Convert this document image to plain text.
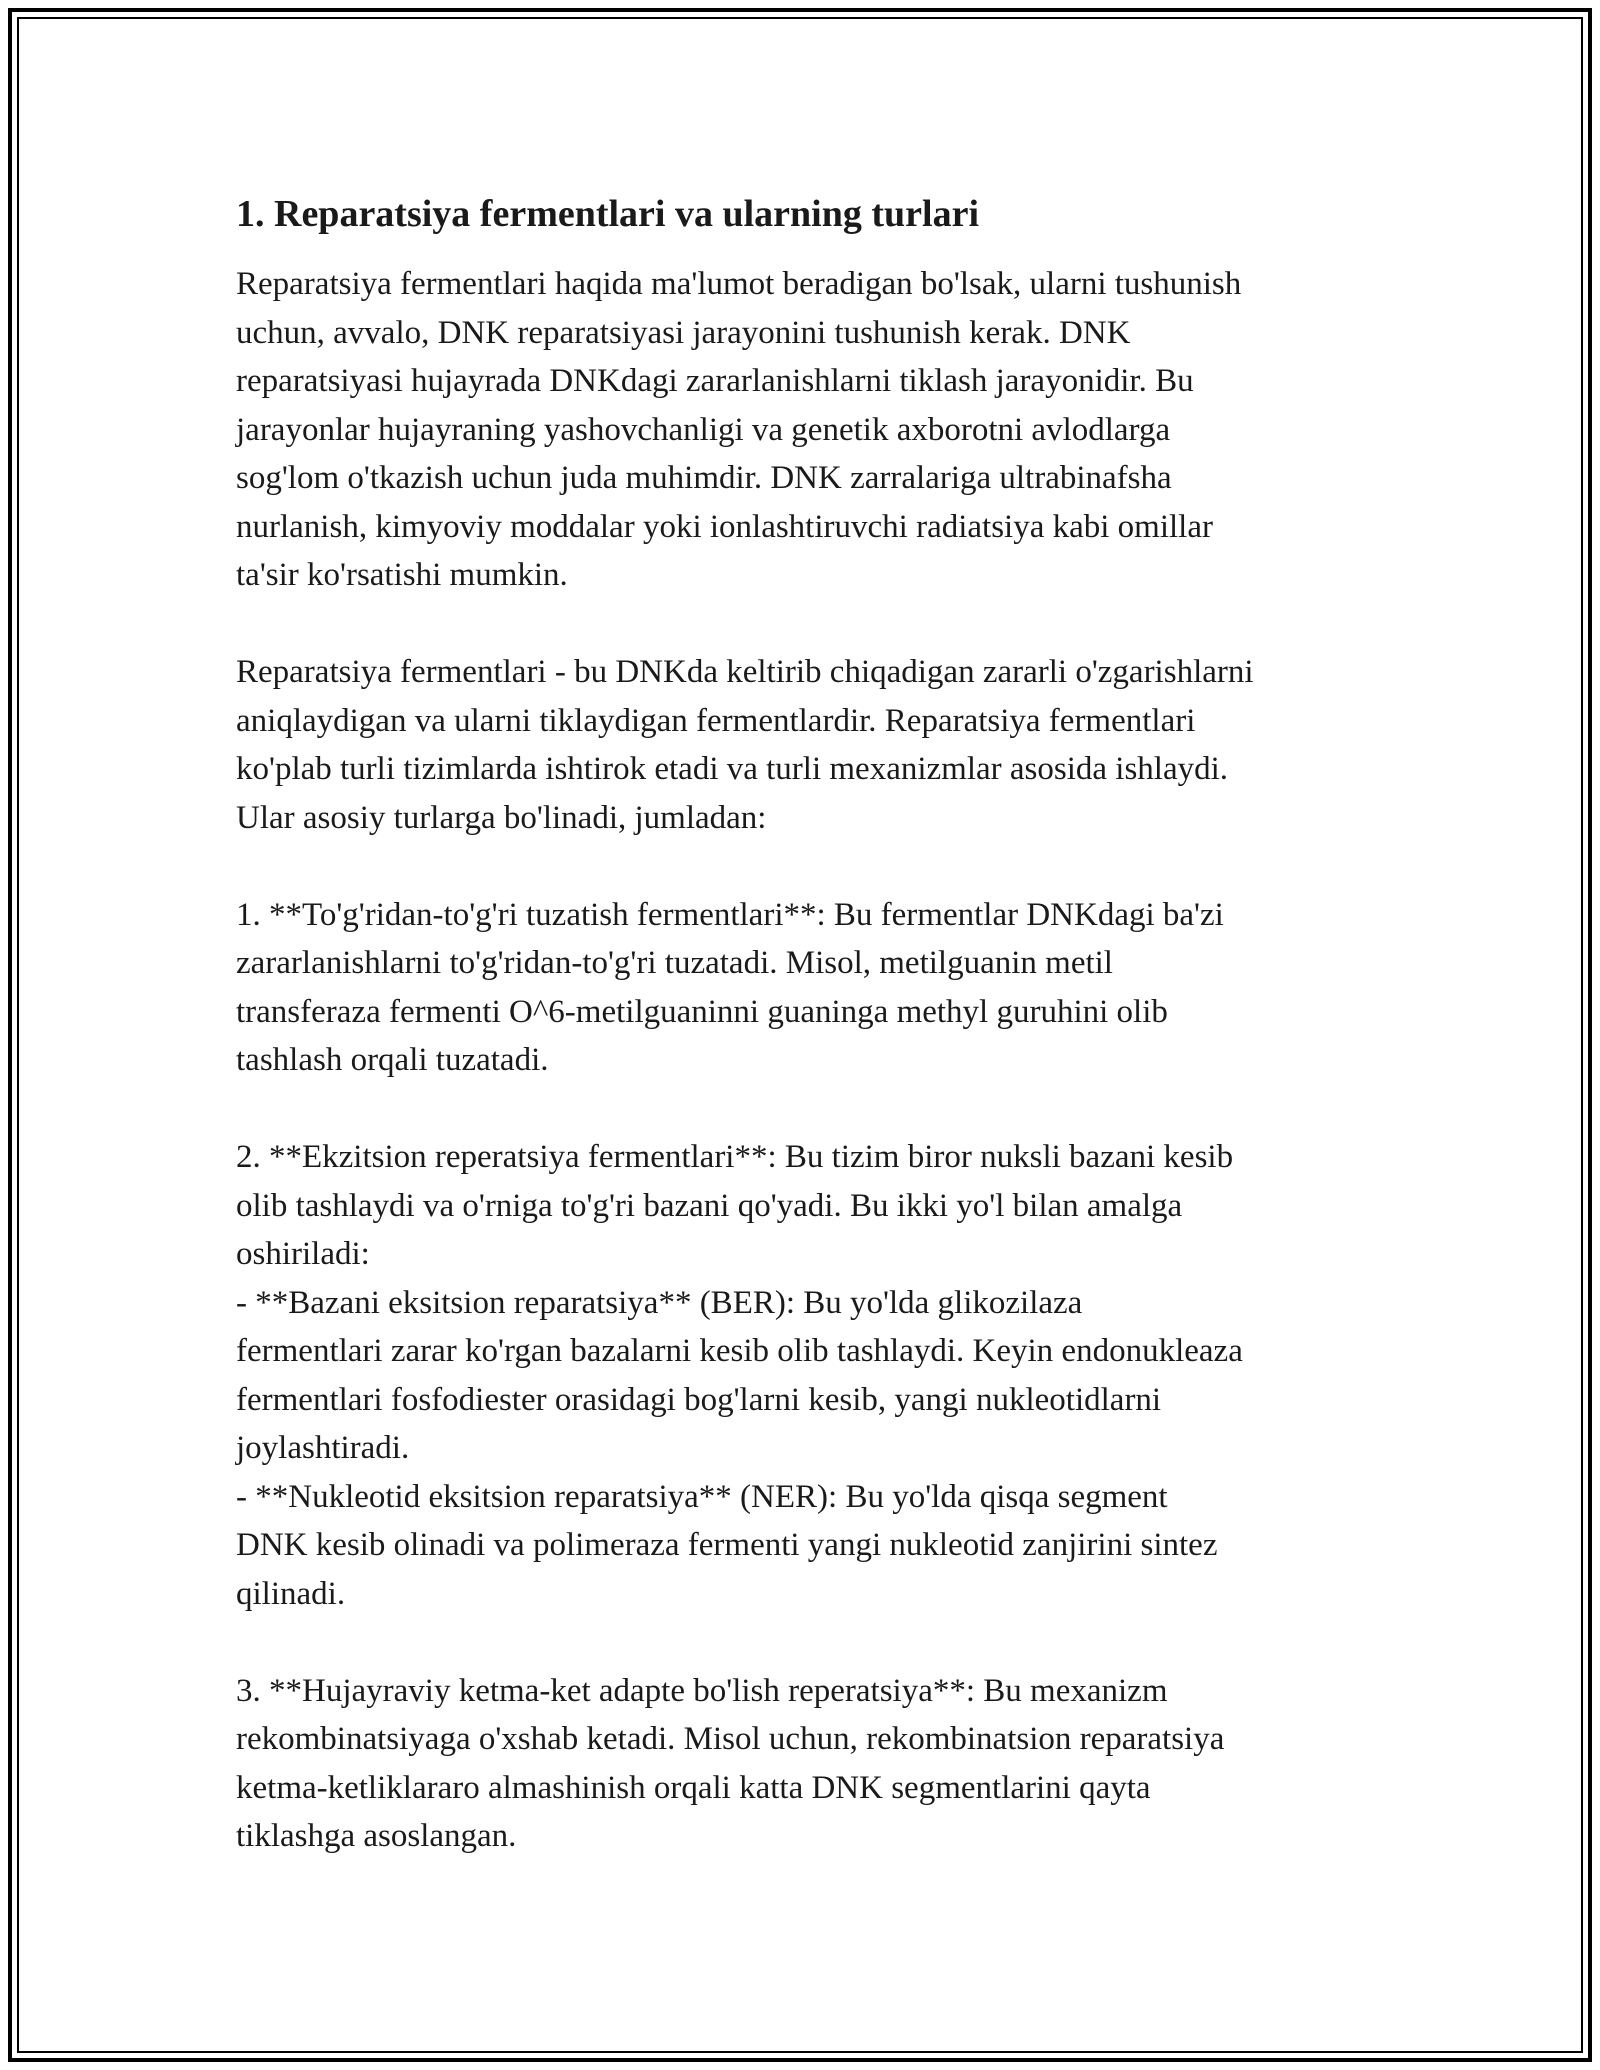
1. Reparatsiya fermentlari va ularning turlari

Reparatsiya fermentlari haqida ma'lumot beradigan bo'lsak, ularni tushunish
uchun, avvalo, DNK reparatsiyasi jarayonini tushunish kerak. DNK
reparatsiyasi hujayrada DNKdagi zararlanishlarni tiklash jarayonidir. Bu
jarayonlar hujayraning yashovchanligi va genetik axborotni avlodlarga
sog'lom o'tkazish uchun juda muhimdir. DNK zarralariga ultrabinafsha
nurlanish, kimyoviy moddalar yoki ionlashtiruvchi radiatsiya kabi omillar
ta'sir ko'rsatishi mumkin.

Reparatsiya fermentlari - bu DNKda keltirib chiqadigan zararli o'zgarishlarni
aniqlaydigan va ularni tiklaydigan fermentlardir. Reparatsiya fermentlari
ko'plab turli tizimlarda ishtirok etadi va turli mexanizmlar asosida ishlaydi.
Ular asosiy turlarga bo'linadi, jumladan:

1. **To'g'ridan-to'g'ri tuzatish fermentlari**: Bu fermentlar DNKdagi ba'zi
zararlanishlarni to'g'ridan-to'g'ri tuzatadi. Misol, metilguanin metil
transferaza fermenti O^6-metilguaninni guaninga methyl guruhini olib
tashlash orqali tuzatadi.

2. **Ekzitsion reperatsiya fermentlari**: Bu tizim biror nuksli bazani kesib
olib tashlaydi va o'rniga to'g'ri bazani qo'yadi. Bu ikki yo'l bilan amalga
oshiriladi:
- **Bazani eksitsion reparatsiya** (BER): Bu yo'lda glikozilaza
fermentlari zarar ko'rgan bazalarni kesib olib tashlaydi. Keyin endonukleaza
fermentlari fosfodiester orasidagi bog'larni kesib, yangi nukleotidlarni
joylashtiradi.
- **Nukleotid eksitsion reparatsiya** (NER): Bu yo'lda qisqa segment
DNK kesib olinadi va polimeraza fermenti yangi nukleotid zanjirini sintez
qilinadi.

3. **Hujayraviy ketma-ket adapte bo'lish reperatsiya**: Bu mexanizm
rekombinatsiyaga o'xshab ketadi. Misol uchun, rekombinatsion reparatsiya
ketma-ketliklararo almashinish orqali katta DNK segmentlarini qayta
tiklashga asoslangan.
